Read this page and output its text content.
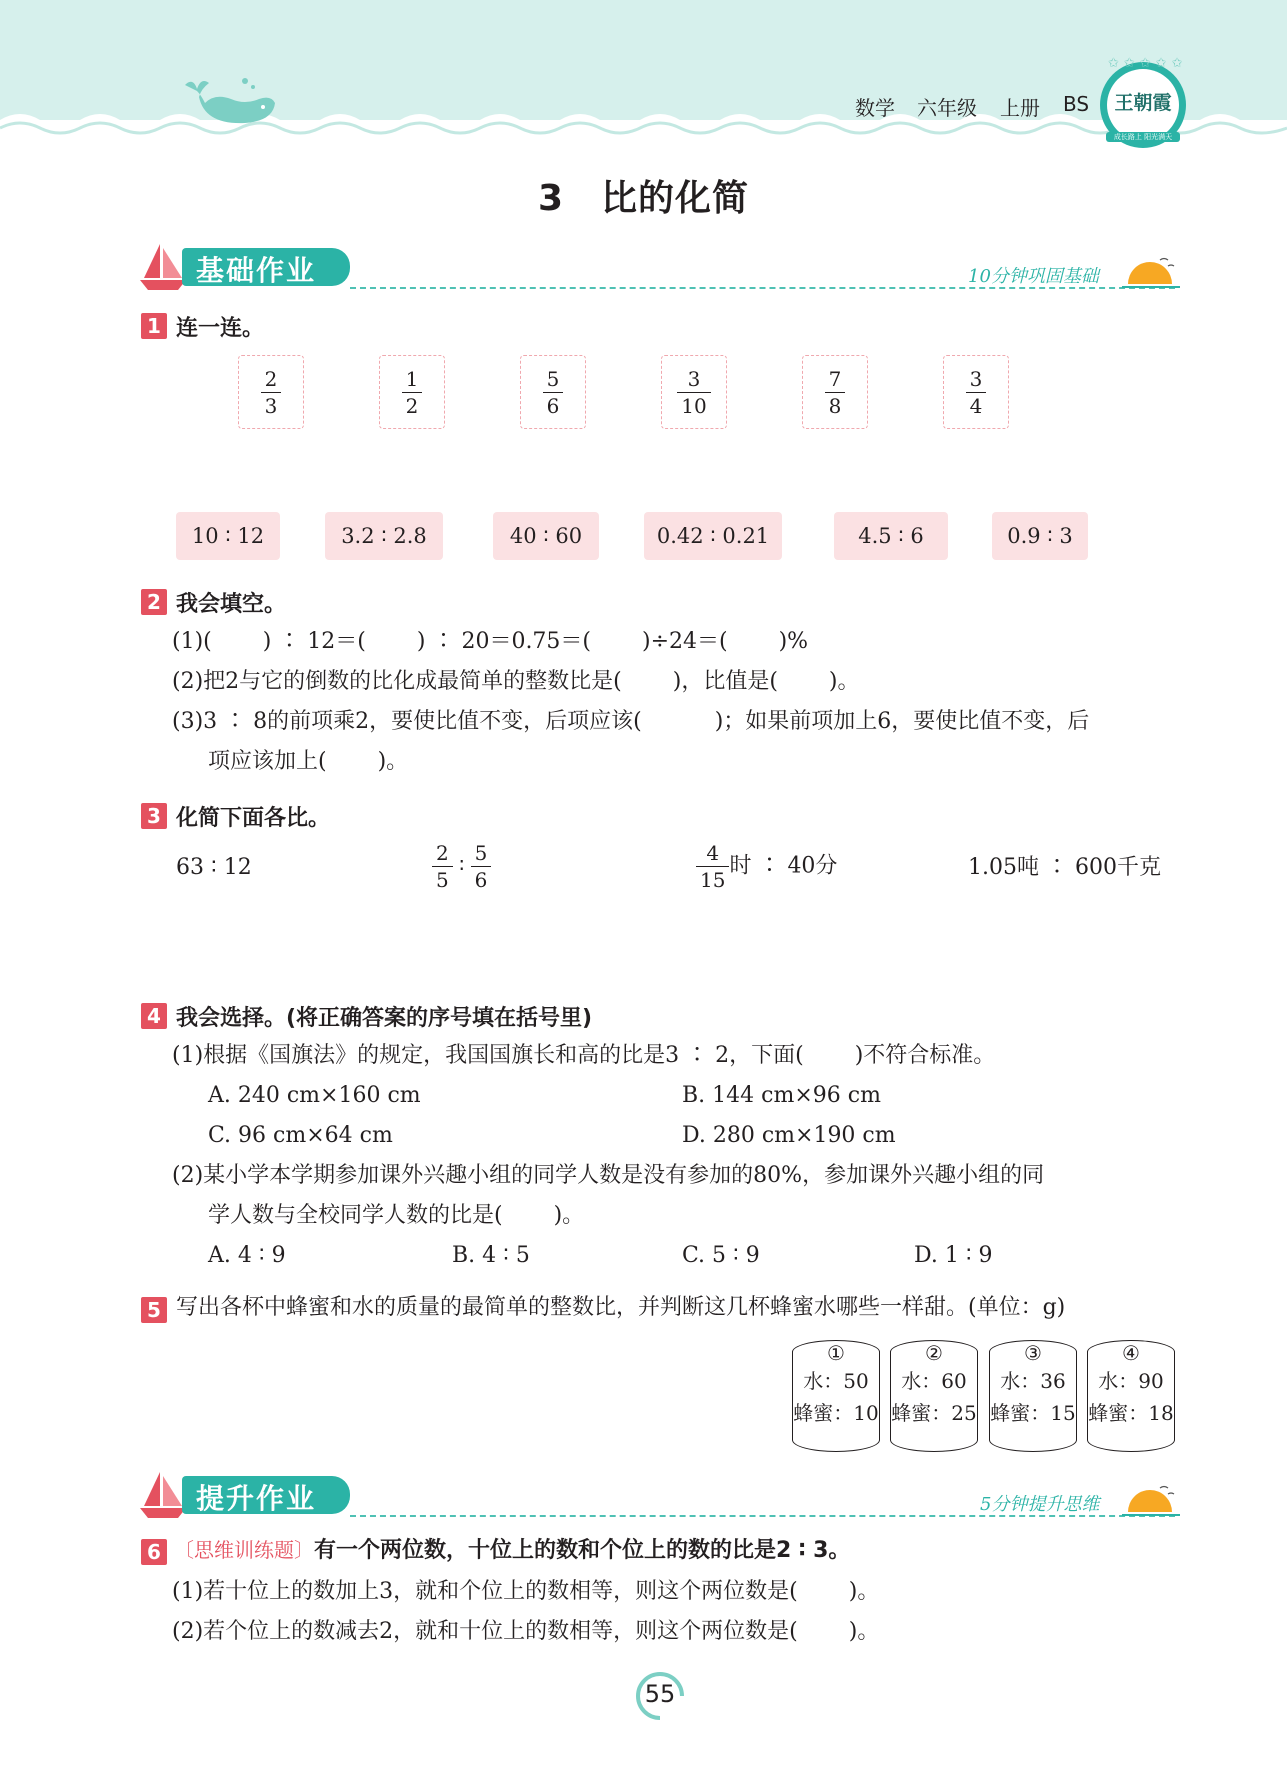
数学 六年级 上册 BS	王朝霞
成长路上 阳光满天
✩✩✩✩✩
3　比的化简
基础作业	10分钟巩固基础
1 连一连。
$\frac{2}{3}$	$\frac{1}{2}$	$\frac{5}{6}$	$\frac{3}{10}$	$\frac{7}{8}$	$\frac{3}{4}$
10 ∶ 12	3.2 ∶ 2.8	40 ∶ 60	0.42 ∶ 0.21	4.5 ∶ 6	0.9 ∶ 3
2 我会填空。
(1)(　　 ) ∶ 12＝(　　 ) ∶ 20＝0.75＝(　　 )÷24＝(　　 )%
(2)把2与它的倒数的比化成最简单的整数比是(　　 )，比值是(　　 )。
(3)3 ∶ 8的前项乘2，要使比值不变，后项应该(　　　 )；如果前项加上6，要使比值不变，后
项应该加上(　　 )。
3 化简下面各比。
63 ∶ 12	$\frac{2}{5}$ ∶ $\frac{5}{6}$	$\frac{4}{15}$ 时 ∶ 40分	1.05吨 ∶ 600千克
4 我会选择。(将正确答案的序号填在括号里)
(1)根据《国旗法》的规定，我国国旗长和高的比是3 ∶ 2，下面(　　 )不符合标准。
A. 240 cm×160 cm	B. 144 cm×96 cm
C. 96 cm×64 cm	D. 280 cm×190 cm
(2)某小学本学期参加课外兴趣小组的同学人数是没有参加的80%，参加课外兴趣小组的同
学人数与全校同学人数的比是(　　 )。
A. 4 ∶ 9	B. 4 ∶ 5	C. 5 ∶ 9	D. 1 ∶ 9
5 写出各杯中蜂蜜和水的质量的最简单的整数比，并判断这几杯蜂蜜水哪些一样甜。(单位：g)
①
水：50
蜂蜜：10
②
水：60
蜂蜜：25
③
水：36
蜂蜜：15
④
水：90
蜂蜜：18
提升作业	5分钟提升思维
6 〔思维训练题〕有一个两位数，十位上的数和个位上的数的比是2 ∶ 3。
(1)若十位上的数加上3，就和个位上的数相等，则这个两位数是(　　 )。
(2)若个位上的数减去2，就和十位上的数相等，则这个两位数是(　　 )。
55
